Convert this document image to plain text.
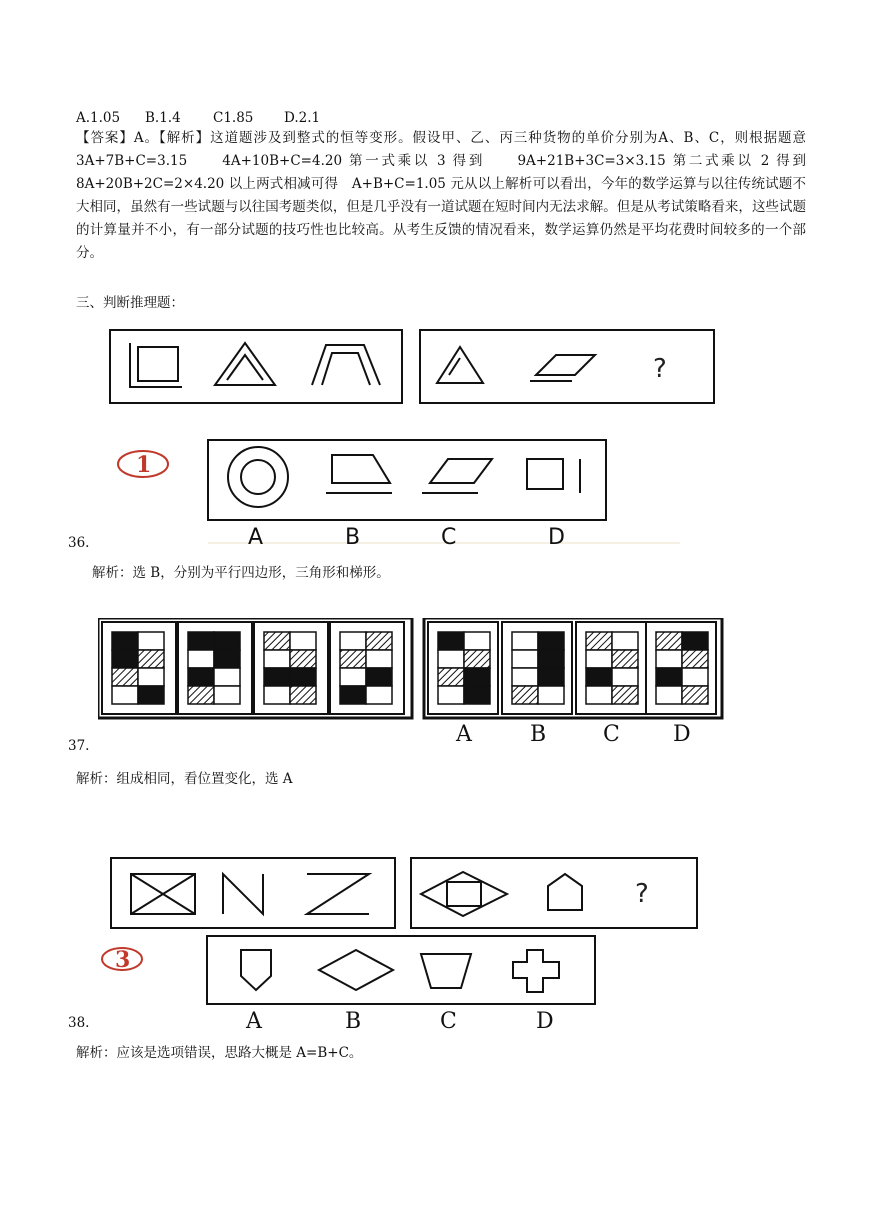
A.1.05 B.1.4 C1.85 D.2.1
【答案】A。【解析】这道题涉及到整式的恒等变形。假设甲、乙、丙三种货物的单价分别为A、B、C，则根据题意 3A+7B+C=3.15　　4A+10B+C=4.20 第一式乘以 3 得到　　9A+21B+3C=3×3.15 第二式乘以 2 得到 8A+20B+2C=2×4.20 以上两式相减可得　A+B+C=1.05 元从以上解析可以看出，今年的数学运算与以往传统试题不大相同，虽然有一些试题与以往国考题类似，但是几乎没有一道试题在短时间内无法求解。但是从考试策略看来，这些试题的计算量并不小，有一部分试题的技巧性也比较高。从考生反馈的情况看来，数学运算仍然是平均花费时间较多的一个部分。
三、判断推理题：
?
1
A	B	C	D
36.
解析：选 B，分别为平行四边形，三角形和梯形。
A	B	C D
37.
解析：组成相同，看位置变化，选 A
?
3
A	B	C	D
38.
解析：应该是选项错误，思路大概是 A=B+C。
